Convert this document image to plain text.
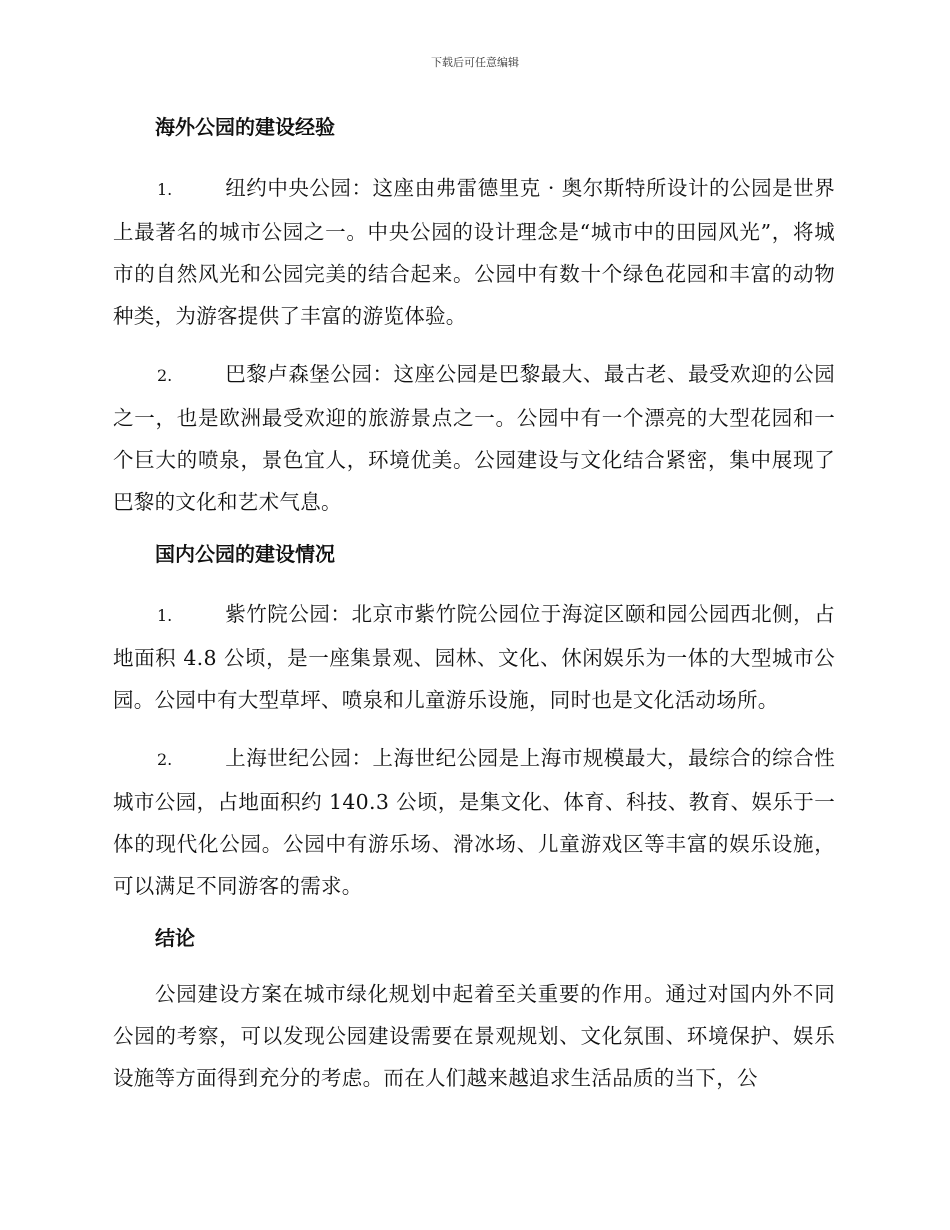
下载后可任意编辑
海外公园的建设经验

1.	纽约中央公园：这座由弗雷德里克 · 奥尔斯特所设计的公园是世界上最著名的城市公园之一。中央公园的设计理念是“城市中的田园风光”，将城市的自然风光和公园完美的结合起来。公园中有数十个绿色花园和丰富的动物种类，为游客提供了丰富的游览体验。

2.	巴黎卢森堡公园：这座公园是巴黎最大、最古老、最受欢迎的公园之一，也是欧洲最受欢迎的旅游景点之一。公园中有一个漂亮的大型花园和一个巨大的喷泉，景色宜人，环境优美。公园建设与文化结合紧密，集中展现了巴黎的文化和艺术气息。

国内公园的建设情况

1.	紫竹院公园：北京市紫竹院公园位于海淀区颐和园公园西北侧，占地面积 4.8 公顷，是一座集景观、园林、文化、休闲娱乐为一体的大型城市公园。公园中有大型草坪、喷泉和儿童游乐设施，同时也是文化活动场所。

2.	上海世纪公园：上海世纪公园是上海市规模最大，最综合的综合性城市公园，占地面积约 140.3 公顷，是集文化、体育、科技、教育、娱乐于一体的现代化公园。公园中有游乐场、滑冰场、儿童游戏区等丰富的娱乐设施，可以满足不同游客的需求。

结论

公园建设方案在城市绿化规划中起着至关重要的作用。通过对国内外不同公园的考察，可以发现公园建设需要在景观规划、文化氛围、环境保护、娱乐设施等方面得到充分的考虑。而在人们越来越追求生活品质的当下，公
